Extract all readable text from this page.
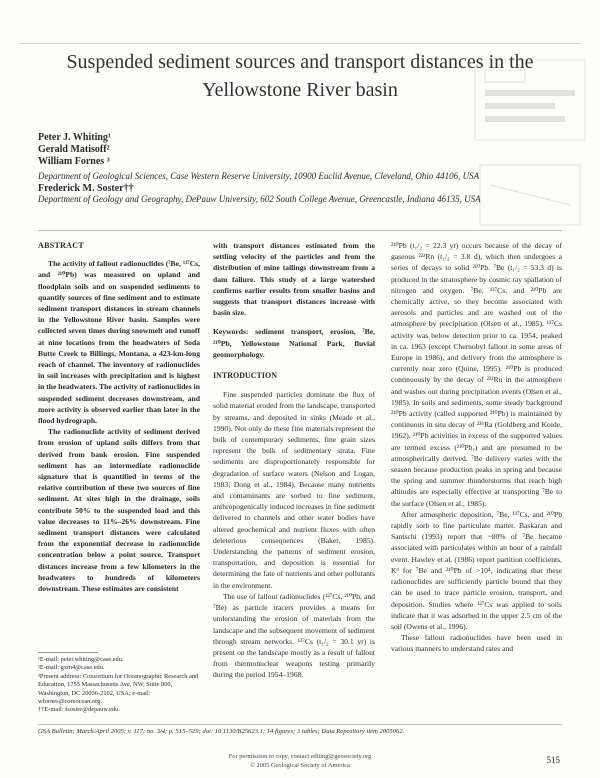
Suspended sediment sources and transport distances in the Yellowstone River basin
Peter J. Whiting¹
Gerald Matisoff²
William Fornes ³
Department of Geological Sciences, Case Western Reserve University, 10900 Euclid Avenue, Cleveland, Ohio 44106, USA
Frederick M. Soster††
Department of Geology and Geography, DePauw University, 602 South College Avenue, Greencastle, Indiana 46135, USA
ABSTRACT

The activity of fallout radionuclides (⁷Be, ¹³⁷Cs, and ²¹⁰Pb) was measured on upland and floodplain soils and on suspended sediments to quantify sources of fine sediment and to estimate sediment transport distances in stream channels in the Yellowstone River basin. Samples were collected seven times during snowmelt and runoff at nine locations from the headwaters of Soda Butte Creek to Billings, Montana, a 423-km-long reach of channel. The inventory of radionuclides in soil increases with precipitation and is highest in the headwaters. The activity of radionuclides in suspended sediment decreases downstream, and more activity is observed earlier than later in the flood hydrograph.

The radionuclide activity of sediment derived from erosion of upland soils differs from that derived from bank erosion. Fine suspended sediment has an intermediate radionuclide signature that is quantified in terms of the relative contribution of these two sources of fine sediment. At sites high in the drainage, soils contribute 50% to the suspended load and this value decreases to 11%–26% downstream. Fine sediment transport distances were calculated from the exponential decrease in radionuclide concentration below a point source. Transport distances increase from a few kilometers in the headwaters to hundreds of kilometers downstream. These estimates are consistent

with transport distances estimated from the settling velocity of the particles and from the distribution of mine tailings downstream from a dam failure. This study of a large watershed confirms earlier results from smaller basins and suggests that transport distances increase with basin size.
Keywords: sediment transport, erosion, ⁷Be, ²¹⁰Pb, Yellowstone National Park, fluvial geomorphology.
INTRODUCTION

Fine suspended particles dominate the flux of solid material eroded from the landscape, transported by streams, and deposited in sinks (Meade et al., 1990). Not only do these fine materials represent the bulk of contemporary sediments, fine grain sizes represent the bulk of sedimentary strata. Fine sediments are disproportionately responsible for degradation of surface waters (Nelson and Logan, 1983; Dong et al., 1984). Because many nutrients and contaminants are sorbed to fine sediment, anthropogenically induced increases in fine sediment delivered to channels and other water bodies have altered geochemical and nutrient fluxes with often deleterious consequences (Baker, 1985). Understanding the patterns of sediment erosion, transportation, and deposition is essential for determining the fate of nutrients and other pollutants in the environment.

The use of fallout radionuclides (¹³⁷Cs, ²¹⁰Pb, and ⁷Be) as particle tracers provides a means for understanding the erosion of materials from the landscape and the subsequent movement of sediment through stream networks. ¹³⁷Cs (t₁/₂ = 30.1 yr) is present on the landscape mostly as a result of fallout from thermonuclear weapons testing primarily during the period 1954–1968.

²¹⁰Pb (t₁/₂ = 22.3 yr) occurs because of the decay of gaseous ²²²Rn (t₁/₂ = 3.8 d), which then undergoes a series of decays to solid ²¹⁰Pb. ⁷Be (t₁/₂ = 53.3 d) is produced in the stratosphere by cosmic ray spallation of nitrogen and oxygen. ⁷Be, ¹³⁷Cs, and ²¹⁰Pb are chemically active, so they become associated with aerosols and particles and are washed out of the atmosphere by precipitation (Olsen et al., 1985). ¹³⁷Cs activity was below detection prior to ca. 1954, peaked in ca. 1963 (except Chernobyl fallout in some areas of Europe in 1986), and delivery from the atmosphere is currently near zero (Quine, 1995). ²¹⁰Pb is produced continuously by the decay of ²²²Rn in the atmosphere and washes out during precipitation events (Olsen et al., 1985). In soils and sediments, some steady background ²¹⁰Pb activity (called supported ²¹⁰Pb) is maintained by continuous in situ decay of ²²⁶Ra (Goldberg and Koide, 1962). ²¹⁰Pb activities in excess of the supported values are termed excess (²¹⁰Pbₓ) and are presumed to be atmospherically derived. ⁷Be delivery varies with the season because production peaks in spring and because the spring and summer thunderstorms that reach high altitudes are especially effective at transporting ⁷Be to the surface (Olsen et al., 1985).

After atmospheric deposition, ⁷Be, ¹³⁷Cs, and ²¹⁰Pb rapidly sorb to fine particulate matter. Baskaran and Santschi (1993) report that ~80% of ⁷Be became associated with particulates within an hour of a rainfall event. Hawley et al. (1986) report partition coefficients, Kᵈ for ⁷Be and ²¹⁰Pb of >10⁴, indicating that these radionuclides are sufficiently particle bound that they can be used to trace particle erosion, transport, and deposition. Studies where ¹³⁷Cs was applied to soils indicate that it was adsorbed in the upper 2.5 cm of the soil (Owens et al., 1996).

These fallout radionuclides have been used in various manners to understand rates and

¹E-mail: peter.whiting@case.edu.
²E-mail: gxm4@case.edu.
³Present address: Consortium for Oceanographic Research and Education, 1755 Massachusetts Ave, NW, Suite 800, Washington, DC 20036-2102, USA; e-mail: wfornes@coreocean.org.
††E-mail: fsoster@depauw.edu.
GSA Bulletin; March/April 2005; v. 117; no. 3/4; p. 515–529; doi: 10.1130/B25623.1; 14 figures; 3 tables; Data Repository item 2005062.
For permission to copy, contact editing@geosociety.org
© 2005 Geological Society of America	515
